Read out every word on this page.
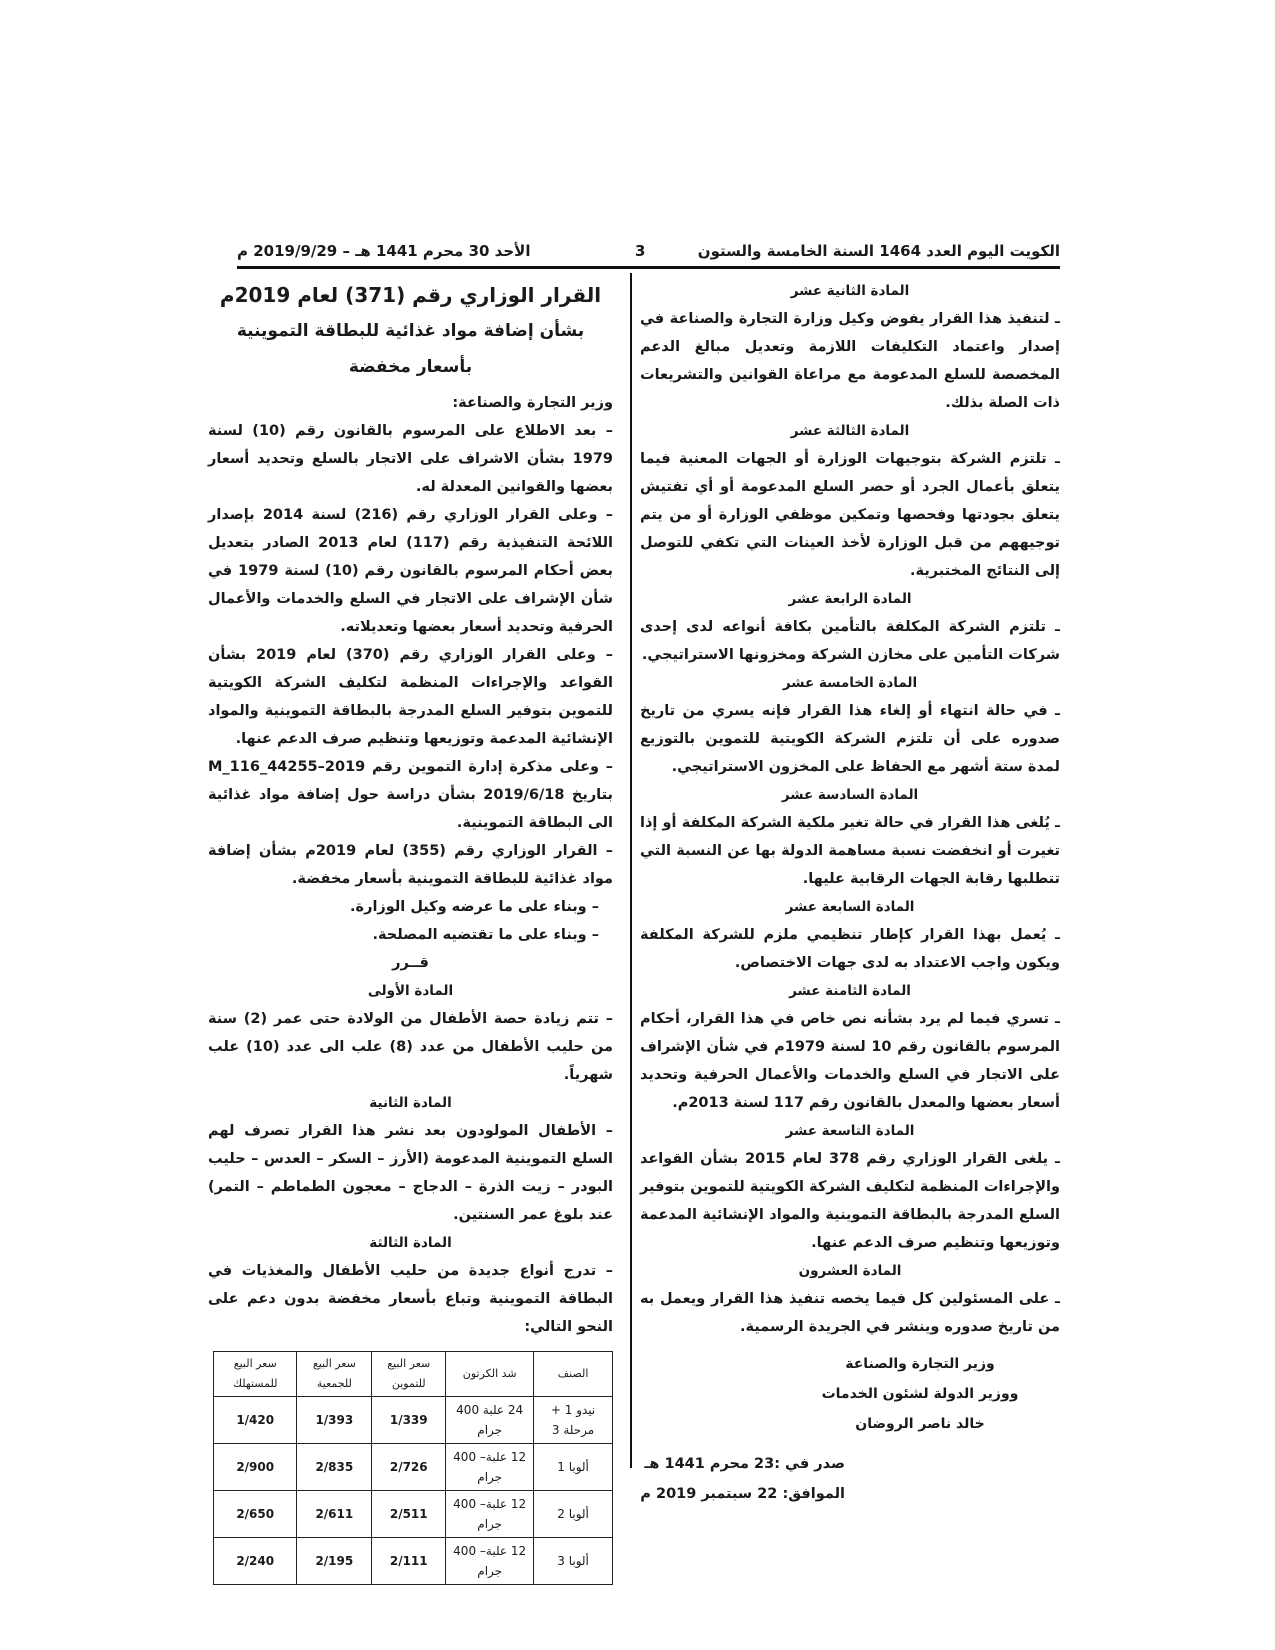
الكويت اليوم العدد 1464 السنة الخامسة والستون
3
الأحد 30 محرم 1441 هـ – 2019/9/29 م

المادة الثانية عشر

ـ لتنفيذ هذا القرار يفوض وكيل وزارة التجارة والصناعة في إصدار واعتماد التكليفات اللازمة وتعديل مبالغ الدعم المخصصة للسلع المدعومة مع مراعاة القوانين والتشريعات ذات الصلة بذلك.

المادة الثالثة عشر

ـ تلتزم الشركة بتوجيهات الوزارة أو الجهات المعنية فيما يتعلق بأعمال الجرد أو حصر السلع المدعومة أو أي تفتيش يتعلق بجودتها وفحصها وتمكين موظفي الوزارة أو من يتم توجيههم من قبل الوزارة لأخذ العينات التي تكفي للتوصل إلى النتائج المختبرية.

المادة الرابعة عشر

ـ تلتزم الشركة المكلفة بالتأمين بكافة أنواعه لدى إحدى شركات التأمين على مخازن الشركة ومخزونها الاستراتيجي.

المادة الخامسة عشر

ـ في حالة انتهاء أو إلغاء هذا القرار فإنه يسري من تاريخ صدوره على أن تلتزم الشركة الكويتية للتموين بالتوزيع لمدة ستة أشهر مع الحفاظ على المخزون الاستراتيجي.

المادة السادسة عشر

ـ يُلغى هذا القرار في حالة تغير ملكية الشركة المكلفة أو إذا تغيرت أو انخفضت نسبة مساهمة الدولة بها عن النسبة التي تتطلبها رقابة الجهات الرقابية عليها.

المادة السابعة عشر

ـ يُعمل بهذا القرار كإطار تنظيمي ملزم للشركة المكلفة ويكون واجب الاعتداد به لدى جهات الاختصاص.

المادة الثامنة عشر

ـ تسري فيما لم يرد بشأنه نص خاص في هذا القرار، أحكام المرسوم بالقانون رقم 10 لسنة 1979م في شأن الإشراف على الاتجار في السلع والخدمات والأعمال الحرفية وتحديد أسعار بعضها والمعدل بالقانون رقم 117 لسنة 2013م.

المادة التاسعة عشر

ـ يلغى القرار الوزاري رقم 378 لعام 2015 بشأن القواعد والإجراءات المنظمة لتكليف الشركة الكويتية للتموين بتوفير السلع المدرجة بالبطاقة التموينية والمواد الإنشائية المدعمة وتوزيعها وتنظيم صرف الدعم عنها.

المادة العشرون

ـ على المسئولين كل فيما يخصه تنفيذ هذا القرار ويعمل به من تاريخ صدوره وينشر في الجريدة الرسمية.

وزير التجارة والصناعة

ووزير الدولة لشئون الخدمات

خالد ناصر الروضان

صدر في :23 محرم 1441 هـ

الموافق: 22 سبتمبر 2019 م

القرار الوزاري رقم (371) لعام 2019م

بشأن إضافة مواد غذائية للبطاقة التموينية بأسعار مخفضة

وزير التجارة والصناعة:

– بعد الاطلاع على المرسوم بالقانون رقم (10) لسنة 1979 بشأن الاشراف على الاتجار بالسلع وتحديد أسعار بعضها والقوانين المعدلة له.

– وعلى القرار الوزاري رقم (216) لسنة 2014 بإصدار اللائحة التنفيذية رقم (117) لعام 2013 الصادر بتعديل بعض أحكام المرسوم بالقانون رقم (10) لسنة 1979 في شأن الإشراف على الاتجار في السلع والخدمات والأعمال الحرفية وتحديد أسعار بعضها وتعديلاته.

– وعلى القرار الوزاري رقم (370) لعام 2019 بشأن القواعد والإجراءات المنظمة لتكليف الشركة الكويتية للتموين بتوفير السلع المدرجة بالبطاقة التموينية والمواد الإنشائية المدعمة وتوزيعها وتنظيم صرف الدعم عنها.

– وعلى مذكرة إدارة التموين رقم M_116_44255–2019 بتاريخ 2019/6/18 بشأن دراسة حول إضافة مواد غذائية الى البطاقة التموينية.

– القرار الوزاري رقم (355) لعام 2019م بشأن إضافة مواد غذائية للبطاقة التموينية بأسعار مخفضة.

– وبناء على ما عرضه وكيل الوزارة.

– وبناء على ما تقتضيه المصلحة.

قــرر

المادة الأولى

– تتم زيادة حصة الأطفال من الولادة حتى عمر (2) سنة من حليب الأطفال من عدد (8) علب الى عدد (10) علب شهرياً.

المادة الثانية

– الأطفال المولودون بعد نشر هذا القرار تصرف لهم السلع التموينية المدعومة (الأرز – السكر – العدس – حليب البودر – زيت الذرة – الدجاج – معجون الطماطم – التمر) عند بلوغ عمر السنتين.

المادة الثالثة

– تدرج أنواع جديدة من حليب الأطفال والمغذيات في البطاقة التموينية وتباع بأسعار مخفضة بدون دعم على النحو التالي:

الصنف	شد الكرتون	سعر البيع للتموين	سعر البيع للجمعية	سعر البيع للمستهلك
نيدو 1 + مرحلة 3	24 علبة 400 جرام	1/339	1/393	1/420
ألوبا 1	12 علبة– 400 جرام	2/726	2/835	2/900
ألوبا 2	12 علبة– 400 جرام	2/511	2/611	2/650
ألوبا 3	12 علبة– 400 جرام	2/111	2/195	2/240
